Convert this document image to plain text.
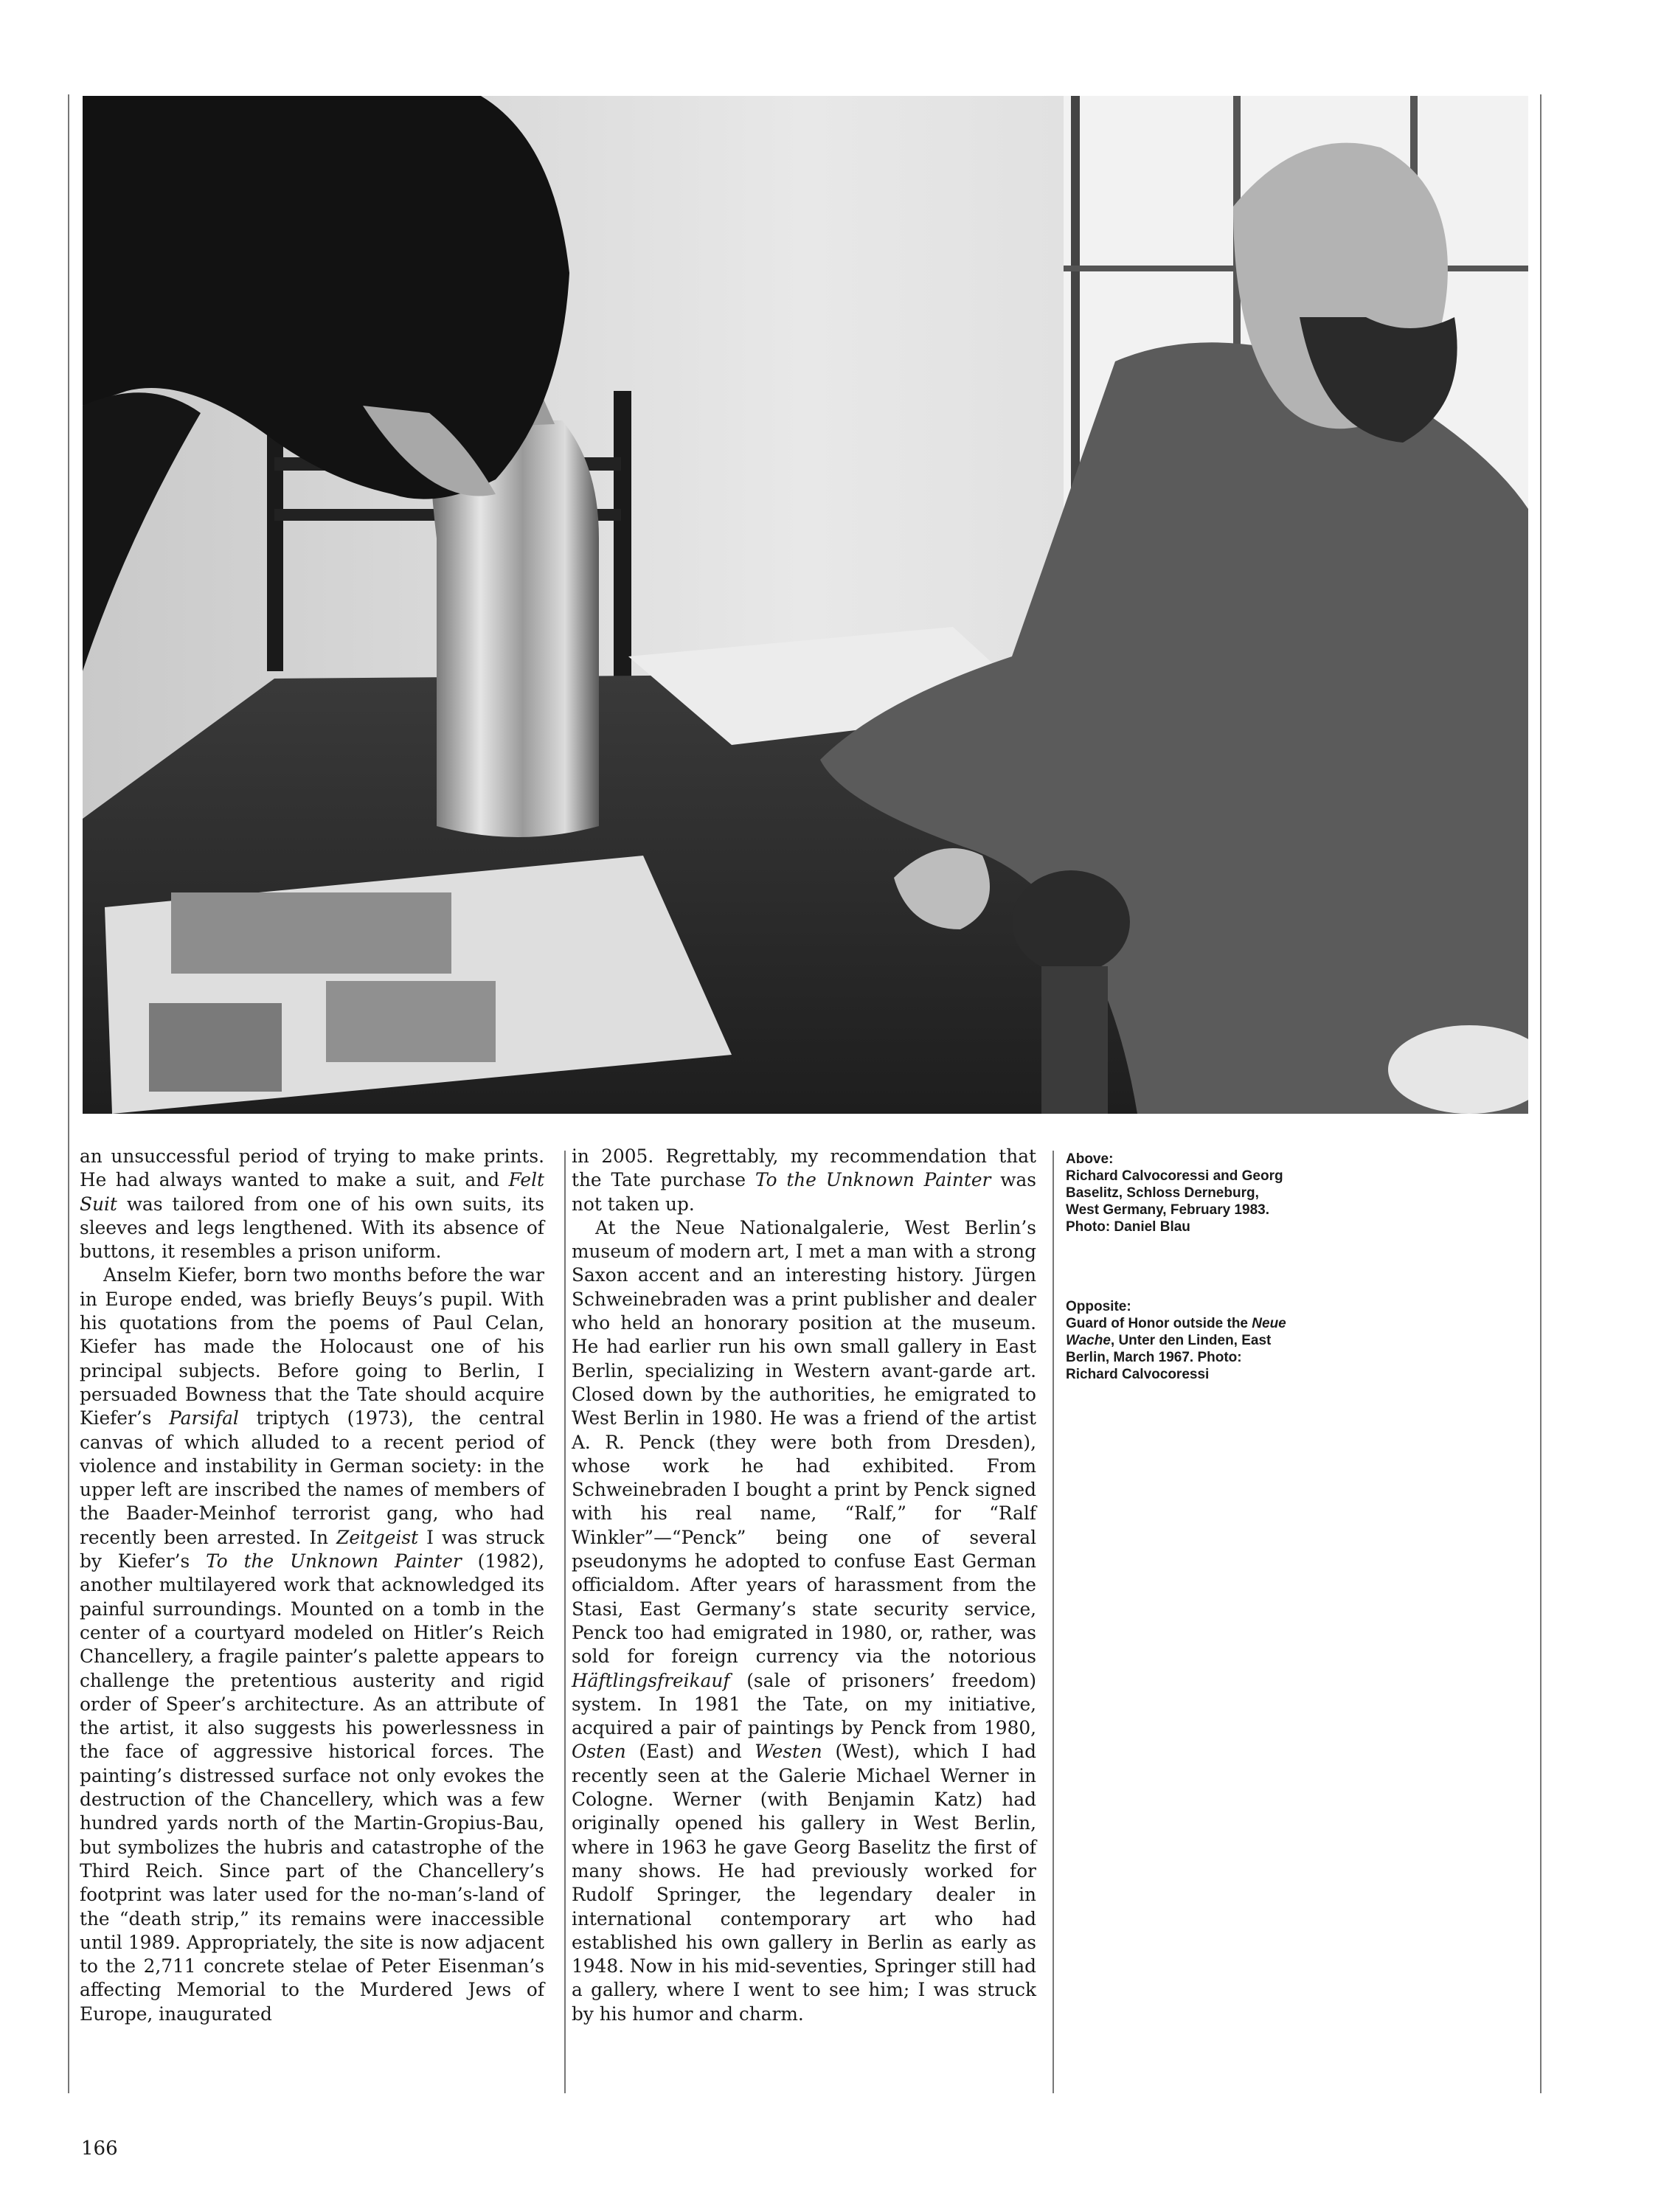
an unsuccessful period of trying to make prints. He had always wanted to make a suit, and Felt Suit was tailored from one of his own suits, its sleeves and legs lengthened. With its absence of buttons, it resembles a prison uniform.

Anselm Kiefer, born two months before the war in Europe ended, was briefly Beuys’s pupil. With his quotations from the poems of Paul Celan, Kiefer has made the Holocaust one of his principal subjects. Before going to Berlin, I persuaded Bowness that the Tate should acquire Kiefer’s Parsifal triptych (1973), the central canvas of which alluded to a recent period of violence and instability in German society: in the upper left are inscribed the names of members of the Baader-Meinhof terrorist gang, who had recently been arrested. In Zeitgeist I was struck by Kiefer’s To the Unknown Painter (1982), another multilayered work that acknowledged its painful surroundings. Mounted on a tomb in the center of a courtyard modeled on Hitler’s Reich Chancellery, a fragile painter’s palette appears to challenge the pretentious austerity and rigid order of Speer’s architecture. As an attribute of the artist, it also suggests his powerlessness in the face of aggressive historical forces. The painting’s distressed surface not only evokes the destruction of the Chancellery, which was a few hundred yards north of the Martin-Gropius-Bau, but symbolizes the hubris and catastrophe of the Third Reich. Since part of the Chancellery’s footprint was later used for the no-man’s-land of the “death strip,” its remains were inaccessible until 1989. Appropriately, the site is now adjacent to the 2,711 concrete stelae of Peter Eisenman’s affecting Memorial to the Murdered Jews of Europe, inaugurated

in 2005. Regrettably, my recommendation that the Tate purchase To the Unknown Painter was not taken up.

At the Neue Nationalgalerie, West Berlin’s museum of modern art, I met a man with a strong Saxon accent and an interesting history. Jürgen Schweinebraden was a print publisher and dealer who held an honorary position at the museum. He had earlier run his own small gallery in East Berlin, specializing in Western avant-garde art. Closed down by the authorities, he emigrated to West Berlin in 1980. He was a friend of the artist A. R. Penck (they were both from Dresden), whose work he had exhibited. From Schweinebraden I bought a print by Penck signed with his real name, “Ralf,” for “Ralf Winkler”—“Penck” being one of several pseudonyms he adopted to confuse East German officialdom. After years of harassment from the Stasi, East Germany’s state security service, Penck too had emigrated in 1980, or, rather, was sold for foreign currency via the notorious Häftlingsfreikauf (sale of prisoners’ freedom) system. In 1981 the Tate, on my initiative, acquired a pair of paintings by Penck from 1980, Osten (East) and Westen (West), which I had recently seen at the Galerie Michael Werner in Cologne. Werner (with Benjamin Katz) had originally opened his gallery in West Berlin, where in 1963 he gave Georg Baselitz the first of many shows. He had previously worked for Rudolf Springer, the legendary dealer in international contemporary art who had established his own gallery in Berlin as early as 1948. Now in his mid-seventies, Springer still had a gallery, where I went to see him; I was struck by his humor and charm.

Above:
Richard Calvocoressi and Georg Baselitz, Schloss Derneburg, West Germany, February 1983. Photo: Daniel Blau
Opposite:
Guard of Honor outside the Neue Wache, Unter den Linden, East Berlin, March 1967. Photo: Richard Calvocoressi
166
